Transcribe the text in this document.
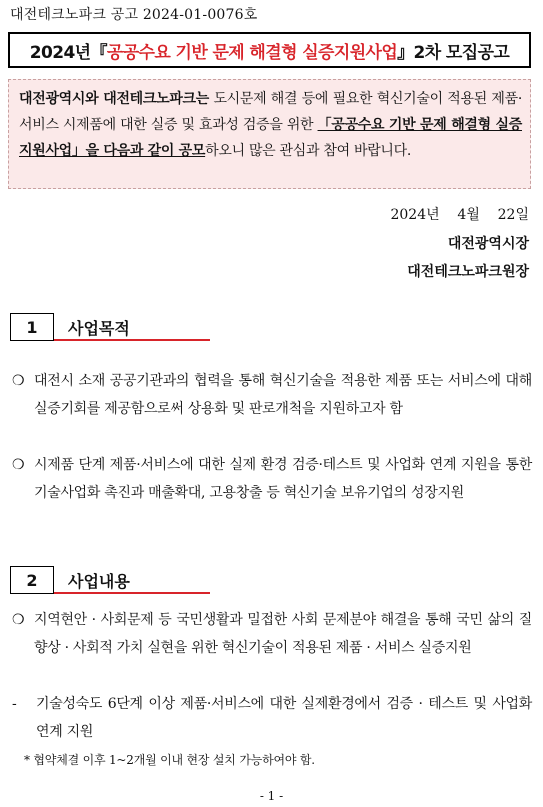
대전테크노파크 공고 2024-01-0076호
2024년『 공공수요 기반 문제 해결형 실증지원사업 』2차 모집공고
대전광역시와 대전테크노파크는 도시문제 해결 등에 필요한 혁신기술이 적용된 제품·서비스 시제품에 대한 실증 및 효과성 검증을 위한 「공공수요 기반 문제 해결형 실증지원사업」을 다음과 같이 공모하오니 많은 관심과 참여 바랍니다.
2024년    4월    22일
대전광역시장
대전테크노파크원장
1	사업목적
❍ 대전시 소재 공공기관과의 협력을 통해 혁신기술을 적용한 제품 또는 서비스에 대해 실증기회를 제공함으로써 상용화 및 판로개척을 지원하고자 함
❍ 시제품 단계 제품·서비스에 대한 실제 환경 검증·테스트 및 사업화 연계 지원을 통한 기술사업화 촉진과 매출확대, 고용창출 등 혁신기술 보유기업의 성장지원
2	사업내용
❍ 지역현안 · 사회문제 등 국민생활과 밀접한 사회 문제분야 해결을 통해 국민 삶의 질 향상 · 사회적 가치 실현을 위한 혁신기술이 적용된 제품 · 서비스 실증지원
-	기술성숙도 6단계 이상 제품·서비스에 대한 실제환경에서 검증 · 테스트 및 사업화 연계 지원
* 협약체결 이후 1~2개월 이내 현장 설치 가능하여야 함.
- 1 -
